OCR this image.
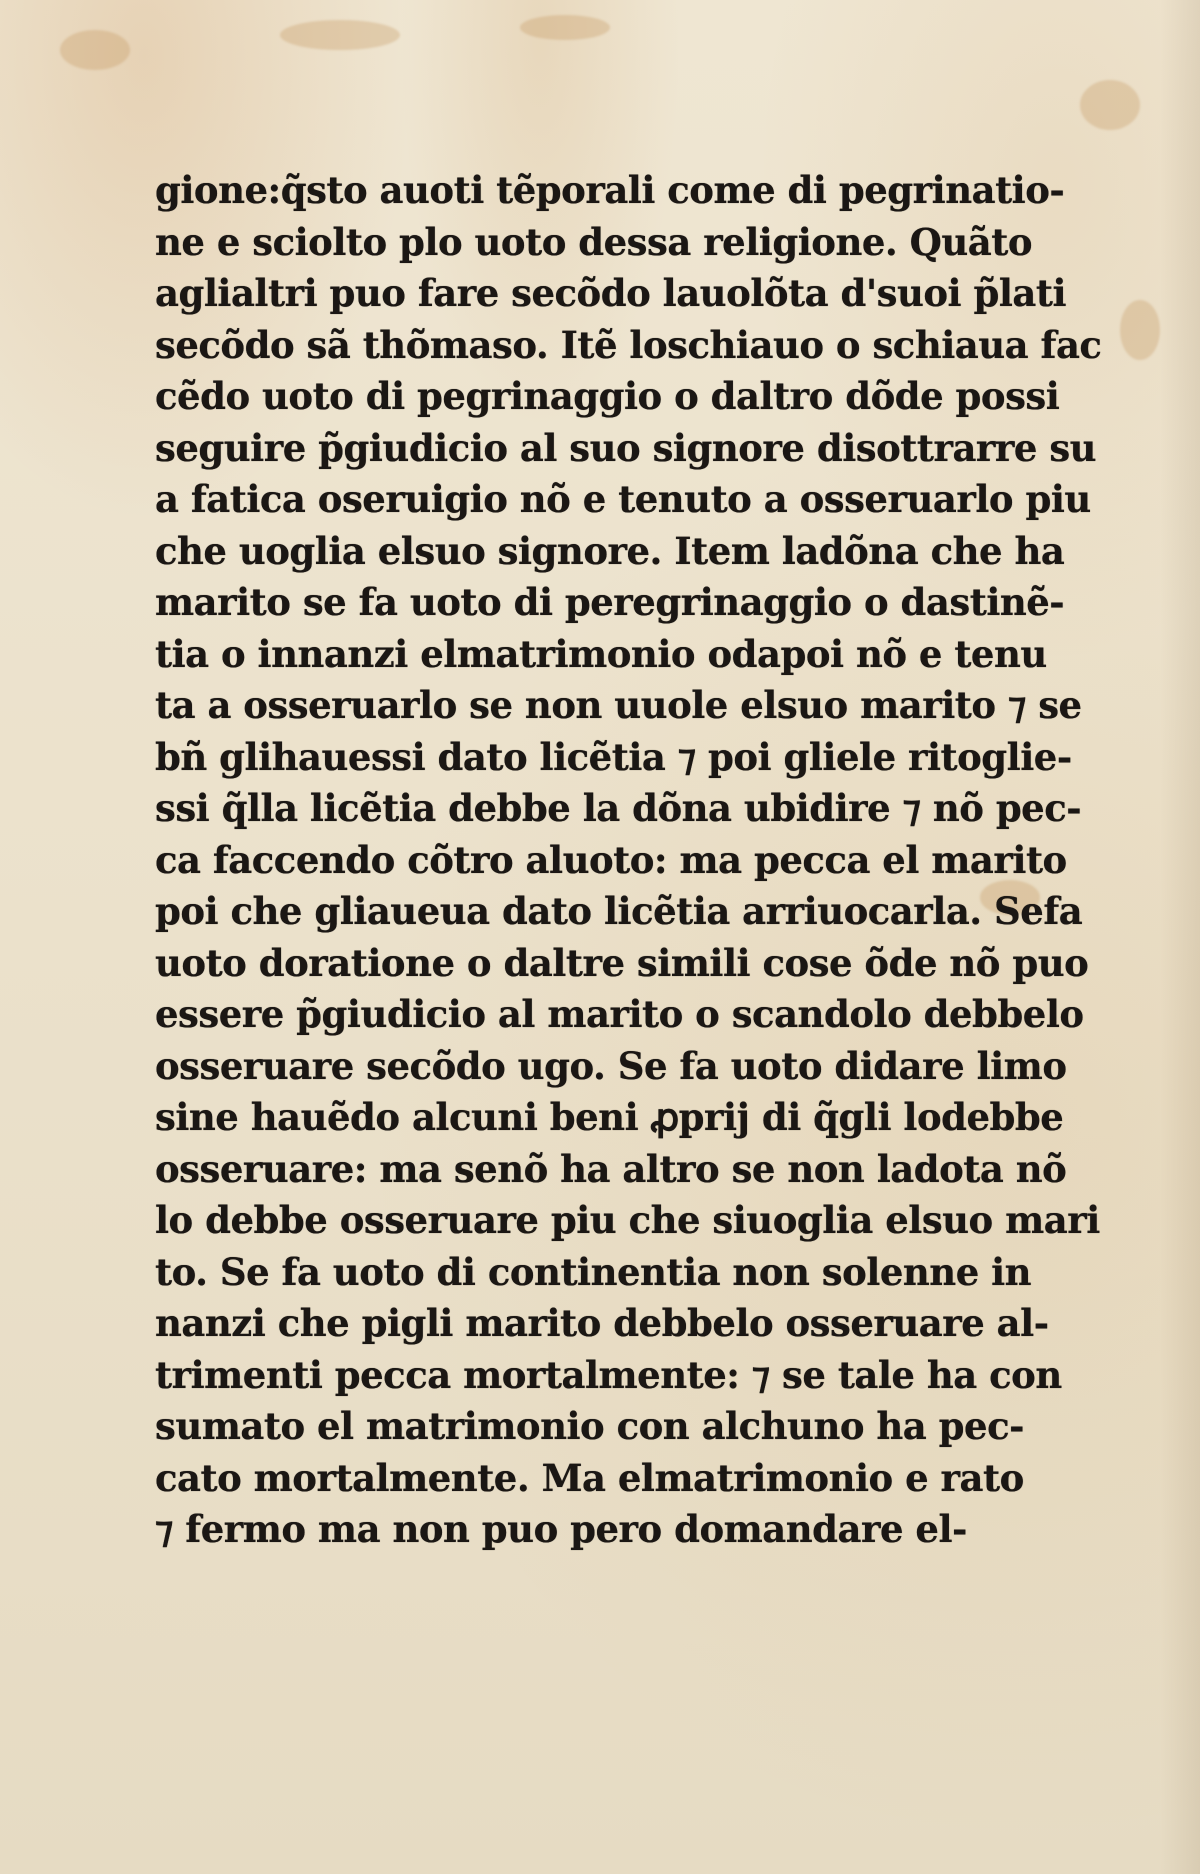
gione:q̃sto auoti tẽporali come di pegrinatio-
ne e sciolto plo uoto dessa religione. Quãto
aglialtri puo fare secõdo lauolõta d'suoi p̃lati
secõdo sã thõmaso. Itẽ loschiauo o schiaua fac
cẽdo uoto di pegrinaggio o daltro dõde possi
seguire p̃giudicio al suo signore disottrarre su
a fatica oseruigio nõ e tenuto a osseruarlo piu
che uoglia elsuo signore. Item ladõna che ha
marito se fa uoto di peregrinaggio o dastinẽ-
tia o innanzi elmatrimonio odapoi nõ e tenu
ta a osseruarlo se non uuole elsuo marito ⁊ se
bñ glihauessi dato licẽtia ⁊ poi gliele ritoglie-
ssi q̃lla licẽtia debbe la dõna ubidire ⁊ nõ pec-
ca faccendo cõtro aluoto: ma pecca el marito
poi che gliaueua dato licẽtia arriuocarla. Sefa
uoto doratione o daltre simili cose õde nõ puo
essere p̃giudicio al marito o scandolo debbelo
osseruare secõdo ugo. Se fa uoto didare limo
sine hauẽdo alcuni beni ꝓprij di q̃gli lodebbe
osseruare: ma senõ ha altro se non ladota nõ
lo debbe osseruare piu che siuoglia elsuo mari
to. Se fa uoto di continentia non solenne in
nanzi che pigli marito debbelo osseruare al-
trimenti pecca mortalmente: ⁊ se tale ha con
sumato el matrimonio con alchuno ha pec-
cato mortalmente. Ma elmatrimonio e rato
⁊ fermo ma non puo pero domandare el-
